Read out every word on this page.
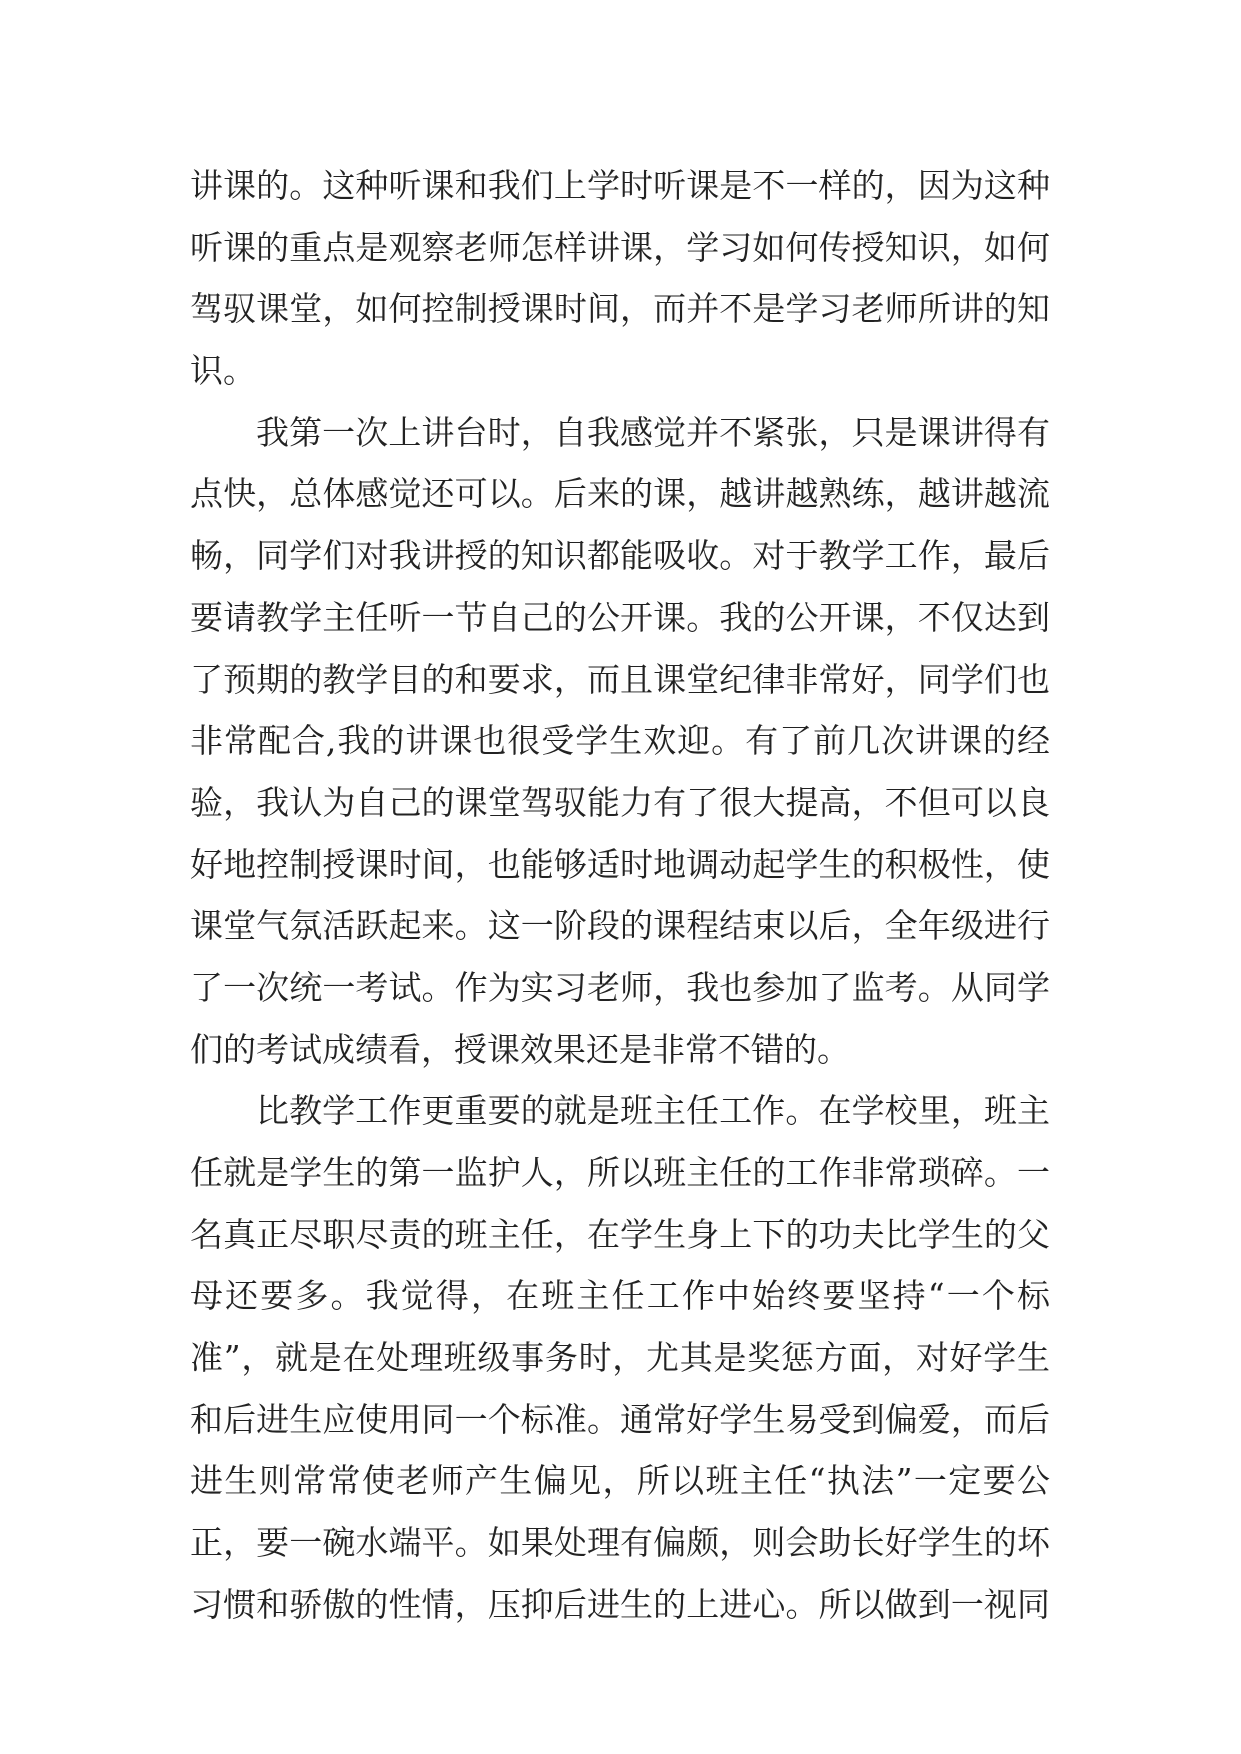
讲课的。这种听课和我们上学时听课是不一样的，因为这种
听课的重点是观察老师怎样讲课，学习如何传授知识，如何
驾驭课堂，如何控制授课时间，而并不是学习老师所讲的知
识。
我第一次上讲台时，自我感觉并不紧张，只是课讲得有
点快，总体感觉还可以。后来的课，越讲越熟练，越讲越流
畅，同学们对我讲授的知识都能吸收。对于教学工作，最后
要请教学主任听一节自己的公开课。我的公开课，不仅达到
了预期的教学目的和要求，而且课堂纪律非常好，同学们也
非常配合,我的讲课也很受学生欢迎。有了前几次讲课的经
验，我认为自己的课堂驾驭能力有了很大提高，不但可以良
好地控制授课时间，也能够适时地调动起学生的积极性，使
课堂气氛活跃起来。这一阶段的课程结束以后，全年级进行
了一次统一考试。作为实习老师，我也参加了监考。从同学
们的考试成绩看，授课效果还是非常不错的。
比教学工作更重要的就是班主任工作。在学校里，班主
任就是学生的第一监护人，所以班主任的工作非常琐碎。一
名真正尽职尽责的班主任，在学生身上下的功夫比学生的父
母还要多。我觉得，在班主任工作中始终要坚持“一个标
准”，就是在处理班级事务时，尤其是奖惩方面，对好学生
和后进生应使用同一个标准。通常好学生易受到偏爱，而后
进生则常常使老师产生偏见，所以班主任“执法”一定要公
正，要一碗水端平。如果处理有偏颇，则会助长好学生的坏
习惯和骄傲的性情，压抑后进生的上进心。所以做到一视同
